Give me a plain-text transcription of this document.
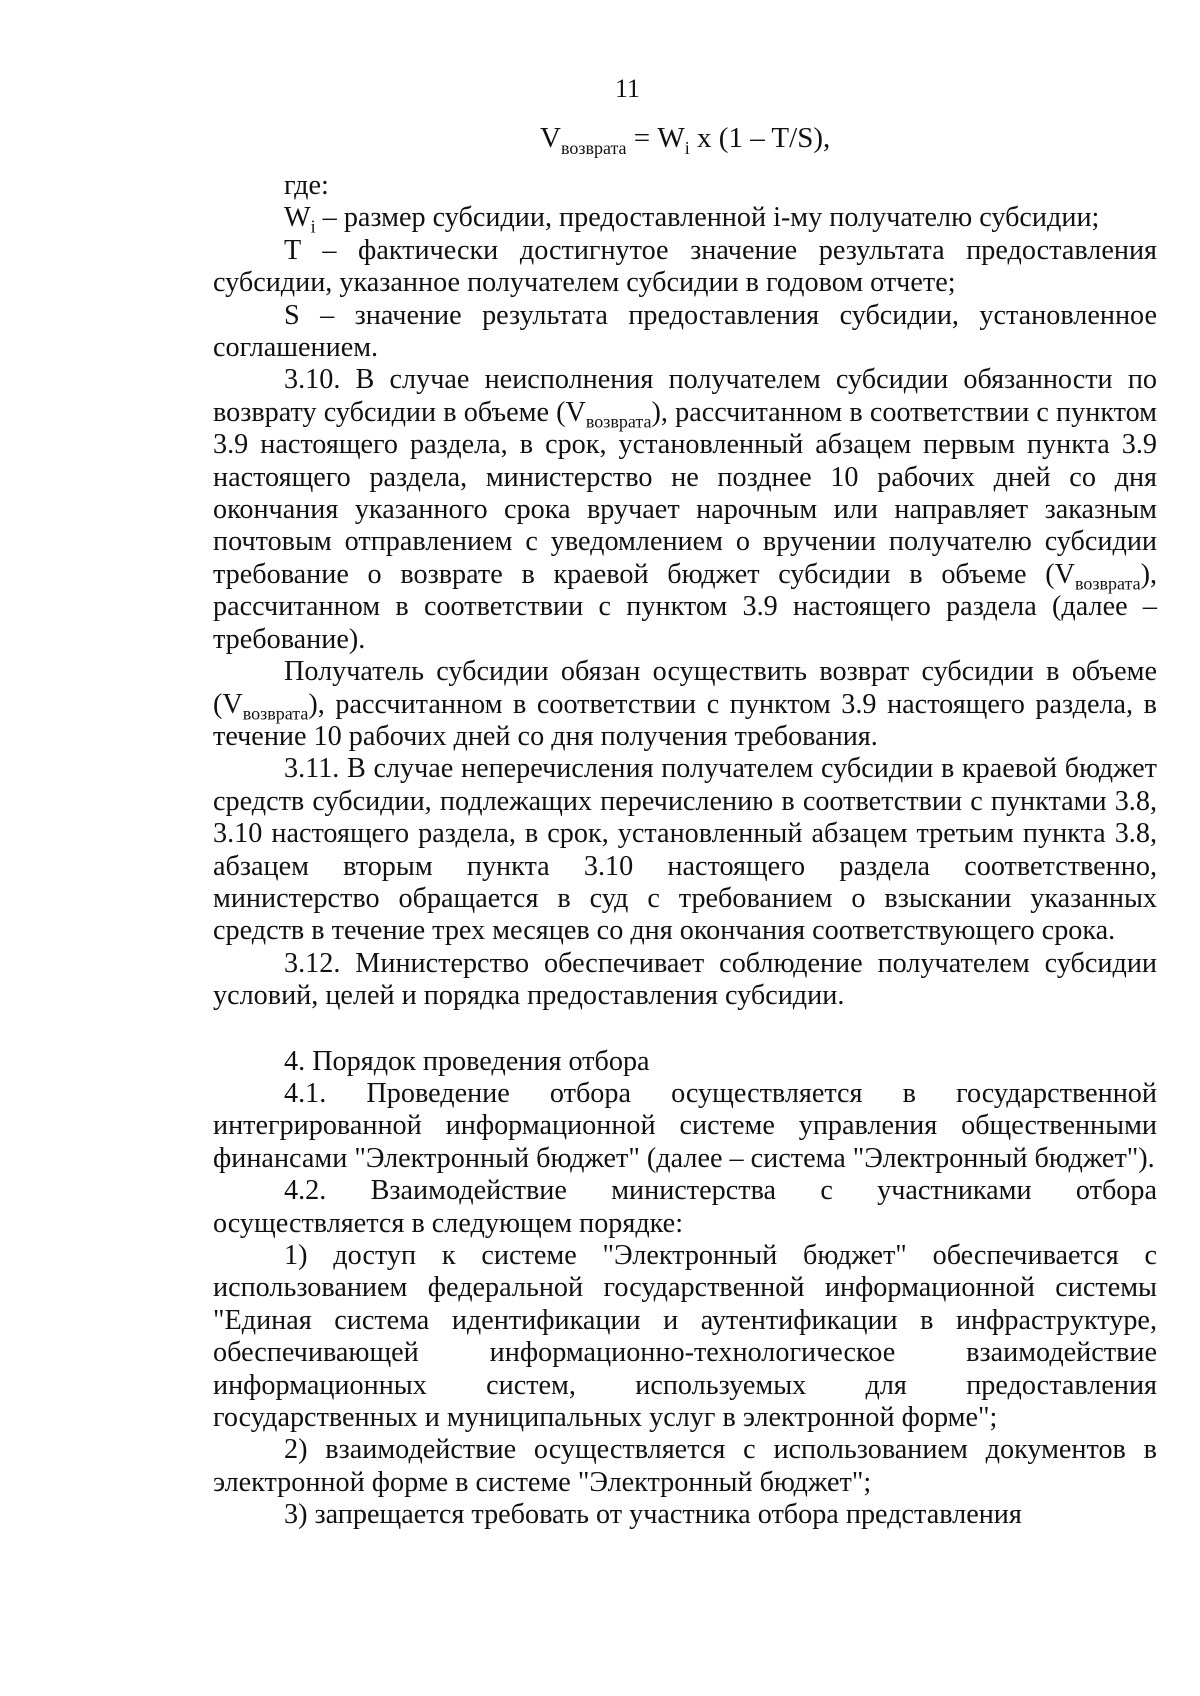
11
$V_{возврата} = W_i$ x (1 – T/S),

где:

$W_i$ – размер субсидии, предоставленной i-му получателю субсидии;

T – фактически достигнутое значение результата предоставления субсидии, указанное получателем субсидии в годовом отчете;

S – значение результата предоставления субсидии, установленное соглашением.

3.10. В случае неисполнения получателем субсидии обязанности по возврату субсидии в объеме $(V_{возврата})$, рассчитанном в соответствии с пунктом 3.9 настоящего раздела, в срок, установленный абзацем первым пункта 3.9 настоящего раздела, министерство не позднее 10 рабочих дней со дня окончания указанного срока вручает нарочным или направляет заказным почтовым отправлением с уведомлением о вручении получателю субсидии требование о возврате в краевой бюджет субсидии в объеме $(V_{возврата})$, рассчитанном в соответствии с пунктом 3.9 настоящего раздела (далее – требование).

Получатель субсидии обязан осуществить возврат субсидии в объеме $(V_{возврата})$, рассчитанном в соответствии с пунктом 3.9 настоящего раздела, в течение 10 рабочих дней со дня получения требования.

3.11. В случае неперечисления получателем субсидии в краевой бюджет средств субсидии, подлежащих перечислению в соответствии с пунктами 3.8, 3.10 настоящего раздела, в срок, установленный абзацем третьим пункта 3.8, абзацем вторым пункта 3.10 настоящего раздела соответственно, министерство обращается в суд с требованием о взыскании указанных средств в течение трех месяцев со дня окончания соответствующего срока.

3.12. Министерство обеспечивает соблюдение получателем субсидии условий, целей и порядка предоставления субсидии.

4. Порядок проведения отбора

4.1. Проведение отбора осуществляется в государственной интегрированной информационной системе управления общественными финансами "Электронный бюджет" (далее – система "Электронный бюджет").

4.2. Взаимодействие министерства с участниками отбора осуществляется в следующем порядке:

1) доступ к системе "Электронный бюджет" обеспечивается с использованием федеральной государственной информационной системы "Единая система идентификации и аутентификации в инфраструктуре, обеспечивающей информационно-технологическое взаимодействие информационных систем, используемых для предоставления государственных и муниципальных услуг в электронной форме";

2) взаимодействие осуществляется с использованием документов в электронной форме в системе "Электронный бюджет";

3) запрещается требовать от участника отбора представления
